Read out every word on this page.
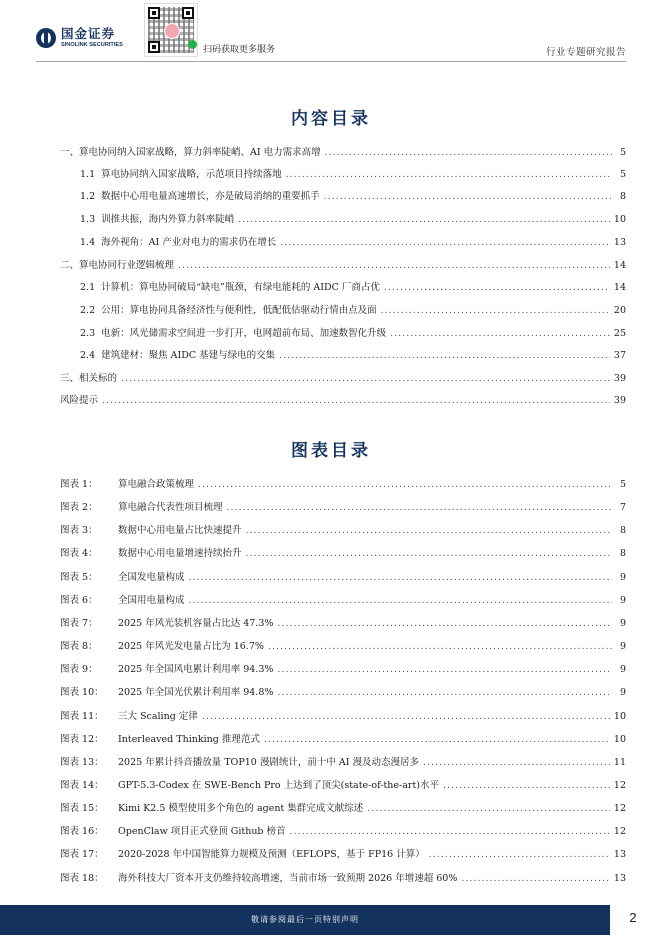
国金证券
SINOLINK SECURITIES
扫码获取更多服务	行业专题研究报告
内容目录
一、 算电协同纳入国家战略，算力斜率陡峭、AI 电力需求高增 .....	5
1.1 算电协同纳入国家战略，示范项目持续落地 .....	5
1.2 数据中心用电量高速增长，亦是破局消纳的重要抓手 .....	8
1.3 训推共振，海内外算力斜率陡峭 .....	10
1.4 海外视角：AI 产业对电力的需求仍在增长 .....	13
二、 算电协同行业逻辑梳理 .....	14
2.1 计算机：算电协同破局“缺电”瓶颈，有绿电能耗的 AIDC 厂商占优 .....	14
2.2 公用：算电协同具备经济性与便利性，低配低估驱动行情由点及面 .....	20
2.3 电新：风光储需求空间进一步打开，电网超前布局、加速数智化升级 .....	25
2.4 建筑建材：聚焦 AIDC 基建与绿电的交集 .....	37
三、 相关标的 .....	39
风险提示 .....	39
图表目录
图表 1：	算电融合政策梳理 .....	5
图表 2：	算电融合代表性项目梳理 .....	7
图表 3：	数据中心用电量占比快速提升 .....	8
图表 4：	数据中心用电量增速持续抬升 .....	8
图表 5：	全国发电量构成 .....	9
图表 6：	全国用电量构成 .....	9
图表 7：	2025 年风光装机容量占比达 47.3% .....	9
图表 8：	2025 年风光发电量占比为 16.7% .....	9
图表 9：	2025 年全国风电累计利用率 94.3% .....	9
图表 10：	2025 年全国光伏累计利用率 94.8% .....	9
图表 11：	三大 Scaling 定律 .....	10
图表 12：	Interleaved Thinking 推理范式 .....	10
图表 13：	2025 年累计抖音播放量 TOP10 漫剧统计，前十中 AI 漫及动态漫居多 .....	11
图表 14：	GPT-5.3-Codex 在 SWE-Bench Pro 上达到了顶尖(state-of-the-art)水平 .....	12
图表 15：	Kimi K2.5 模型使用多个角色的 agent 集群完成文献综述 .....	12
图表 16：	OpenClaw 项目正式登顶 Github 榜首 .....	12
图表 17：	2020-2028 年中国智能算力规模及预测（EFLOPS，基于 FP16 计算） .....	13
图表 18：	海外科技大厂资本开支仍维持较高增速，当前市场一致预期 2026 年增速超 60% .....	13
敬请参阅最后一页特别声明	2
